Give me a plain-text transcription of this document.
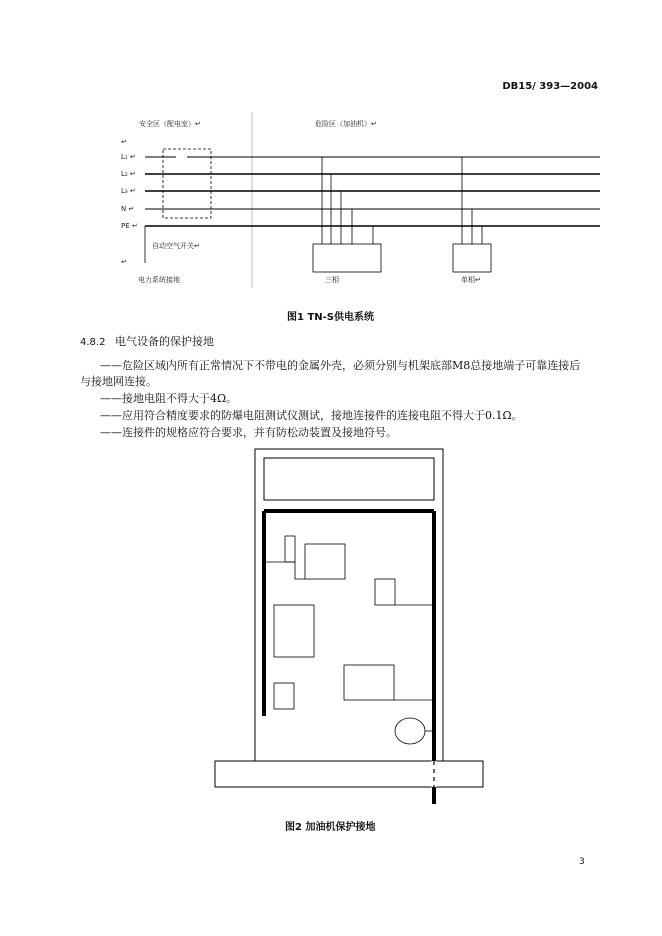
DB15/ 393—2004
安全区（配电室）↵	危险区（加油机）↵
↵
L₁ ↵
L₂ ↵
L₃ ↵
N ↵
PE ↵
自动空气开关↵
↵
电力系统接地	三相	单相↵
图1 TN-S供电系统
4.8.2 电气设备的保护接地
——危险区域内所有正常情况下不带电的金属外壳，必须分别与机架底部M8总接地端子可靠连接后
与接地网连接。
——接地电阻不得大于4Ω。
——应用符合精度要求的防爆电阻测试仪测试，接地连接件的连接电阻不得大于0.1Ω。
——连接件的规格应符合要求，并有防松动装置及接地符号。
图2 加油机保护接地
3
